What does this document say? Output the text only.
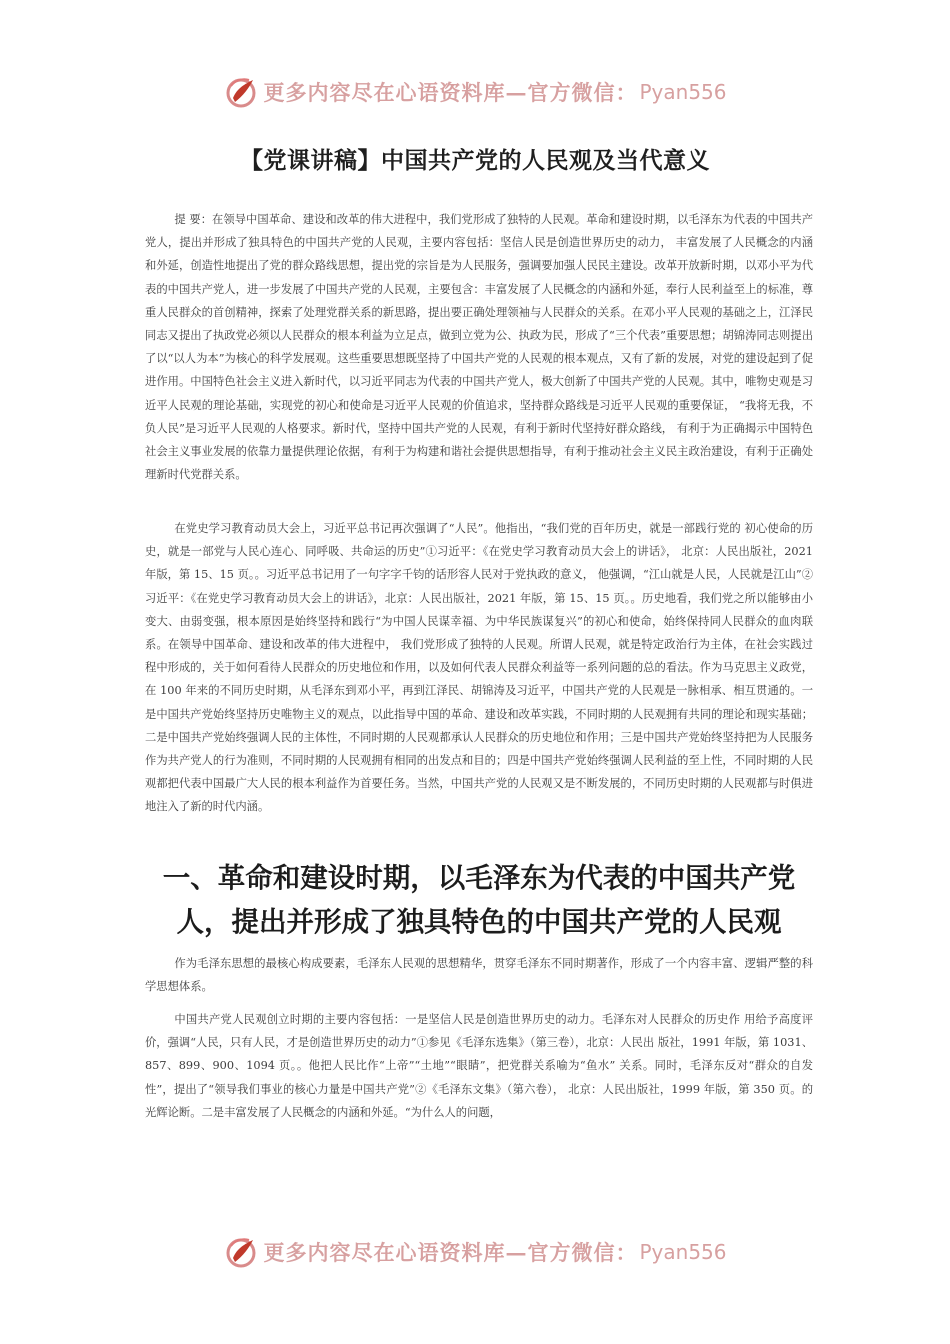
更多内容尽在心语资料库—官方微信： Pyan556
【党课讲稿】中国共产党的人民观及当代意义

提 要：在领导中国革命、建设和改革的伟大进程中，我们党形成了独特的人民观。革命和建设时期，以毛泽东为代表的中国共产党人，提出并形成了独具特色的中国共产党的人民观，主要内容包括：坚信人民是创造世界历史的动力， 丰富发展了人民概念的内涵和外延，创造性地提出了党的群众路线思想，提出党的宗旨是为人民服务，强调要加强人民民主建设。改革开放新时期，以邓小平为代表的中国共产党人，进一步发展了中国共产党的人民观，主要包含：丰富发展了人民概念的内涵和外延，奉行人民利益至上的标准，尊重人民群众的首创精神，探索了处理党群关系的新思路，提出要正确处理领袖与人民群众的关系。在邓小平人民观的基础之上，江泽民同志又提出了执政党必须以人民群众的根本利益为立足点，做到立党为公、执政为民，形成了“三个代表”重要思想；胡锦涛同志则提出了以“以人为本”为核心的科学发展观。这些重要思想既坚持了中国共产党的人民观的根本观点，又有了新的发展，对党的建设起到了促进作用。中国特色社会主义进入新时代，以习近平同志为代表的中国共产党人，极大创新了中国共产党的人民观。其中，唯物史观是习近平人民观的理论基础，实现党的初心和使命是习近平人民观的价值追求，坚持群众路线是习近平人民观的重要保证， “我将无我，不负人民”是习近平人民观的人格要求。新时代，坚持中国共产党的人民观，有利于新时代坚持好群众路线， 有利于为正确揭示中国特色社会主义事业发展的依靠力量提供理论依据，有利于为构建和谐社会提供思想指导，有利于推动社会主义民主政治建设，有利于正确处理新时代党群关系。

在党史学习教育动员大会上，习近平总书记再次强调了“人民”。他指出，“我们党的百年历史，就是一部践行党的 初心使命的历史，就是一部党与人民心连心、同呼吸、共命运的历史”①习近平：《在党史学习教育动员大会上的讲话》， 北京：人民出版社，2021 年版，第 15、15 页。。习近平总书记用了一句字字千钧的话形容人民对于党执政的意义， 他强调，“江山就是人民，人民就是江山”②习近平：《在党史学习教育动员大会上的讲话》，北京：人民出版社，2021 年版，第 15、15 页。。历史地看，我们党之所以能够由小变大、由弱变强，根本原因是始终坚持和践行“为中国人民谋幸福、为中华民族谋复兴”的初心和使命，始终保持同人民群众的血肉联系。在领导中国革命、建设和改革的伟大进程中， 我们党形成了独特的人民观。所谓人民观，就是特定政治行为主体，在社会实践过程中形成的，关于如何看待人民群众的历史地位和作用，以及如何代表人民群众利益等一系列问题的总的看法。作为马克思主义政党，在 100 年来的不同历史时期，从毛泽东到邓小平，再到江泽民、胡锦涛及习近平，中国共产党的人民观是一脉相承、相互贯通的。一是中国共产党始终坚持历史唯物主义的观点，以此指导中国的革命、建设和改革实践，不同时期的人民观拥有共同的理论和现实基础；二是中国共产党始终强调人民的主体性，不同时期的人民观都承认人民群众的历史地位和作用；三是中国共产党始终坚持把为人民服务作为共产党人的行为准则，不同时期的人民观拥有相同的出发点和目的；四是中国共产党始终强调人民利益的至上性，不同时期的人民观都把代表中国最广大人民的根本利益作为首要任务。当然，中国共产党的人民观又是不断发展的，不同历史时期的人民观都与时俱进地注入了新的时代内涵。

一、革命和建设时期，以毛泽东为代表的中国共产党
人，提出并形成了独具特色的中国共产党的人民观

作为毛泽东思想的最核心构成要素，毛泽东人民观的思想精华，贯穿毛泽东不同时期著作，形成了一个内容丰富、逻辑严整的科学思想体系。

中国共产党人民观创立时期的主要内容包括：一是坚信人民是创造世界历史的动力。毛泽东对人民群众的历史作 用给予高度评价，强调“人民，只有人民，才是创造世界历史的动力”①参见《毛泽东选集》（第三卷），北京：人民出 版社，1991 年版，第 1031、857、899、900、1094 页。。他把人民比作“上帝”“土地”“眼睛”，把党群关系喻为“鱼水” 关系。同时，毛泽东反对“群众的自发性”，提出了“领导我们事业的核心力量是中国共产党”②《毛泽东文集》（第六卷）， 北京：人民出版社，1999 年版，第 350 页。的光辉论断。二是丰富发展了人民概念的内涵和外延。“为什么人的问题，

更多内容尽在心语资料库—官方微信： Pyan556
